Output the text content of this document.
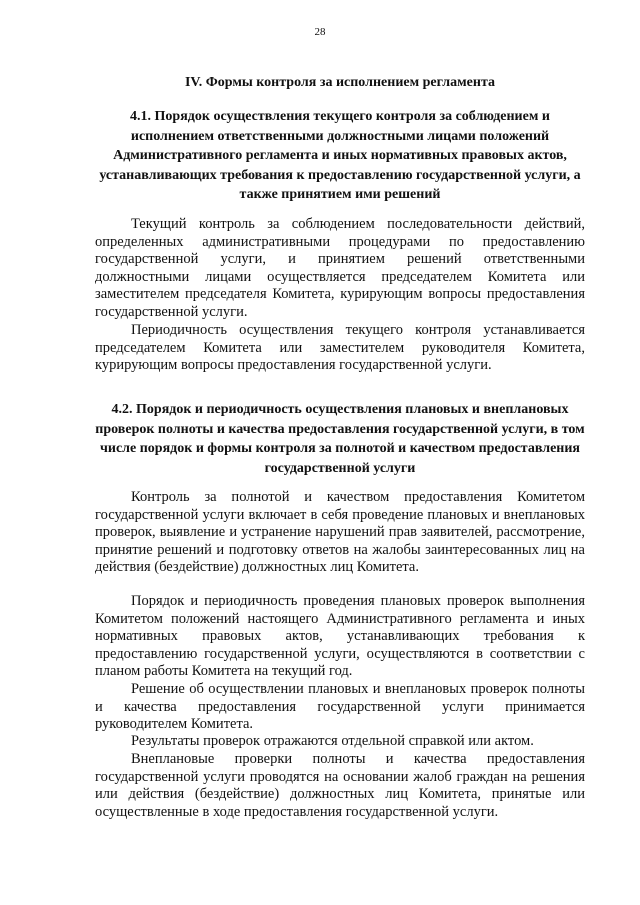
28
IV. Формы контроля за исполнением регламента
4.1. Порядок осуществления текущего контроля за соблюдением и исполнением ответственными должностными лицами положений Административного регламента и иных нормативных правовых актов, устанавливающих требования к предоставлению государственной услуги, а также принятием ими решений
Текущий контроль за соблюдением последовательности действий, определенных административными процедурами по предоставлению государственной услуги, и принятием решений ответственными должностными лицами осуществляется председателем Комитета или заместителем председателя Комитета, курирующим вопросы предоставления государственной услуги.
Периодичность осуществления текущего контроля устанавливается председателем Комитета или заместителем руководителя Комитета, курирующим вопросы предоставления государственной услуги.
4.2. Порядок и периодичность осуществления плановых и внеплановых проверок полноты и качества предоставления государственной услуги, в том числе порядок и формы контроля за полнотой и качеством предоставления государственной услуги
Контроль за полнотой и качеством предоставления Комитетом государственной услуги включает в себя проведение плановых и внеплановых проверок, выявление и устранение нарушений прав заявителей, рассмотрение, принятие решений и подготовку ответов на жалобы заинтересованных лиц на действия (бездействие) должностных лиц Комитета.
Порядок и периодичность проведения плановых проверок выполнения Комитетом положений настоящего Административного регламента и иных нормативных правовых актов, устанавливающих требования к предоставлению государственной услуги, осуществляются в соответствии с планом работы Комитета на текущий год.
Решение об осуществлении плановых и внеплановых проверок полноты и качества предоставления государственной услуги принимается руководителем Комитета.
Результаты проверок отражаются отдельной справкой или актом.
Внеплановые проверки полноты и качества предоставления государственной услуги проводятся на основании жалоб граждан на решения или действия (бездействие) должностных лиц Комитета, принятые или осуществленные в ходе предоставления государственной услуги.
